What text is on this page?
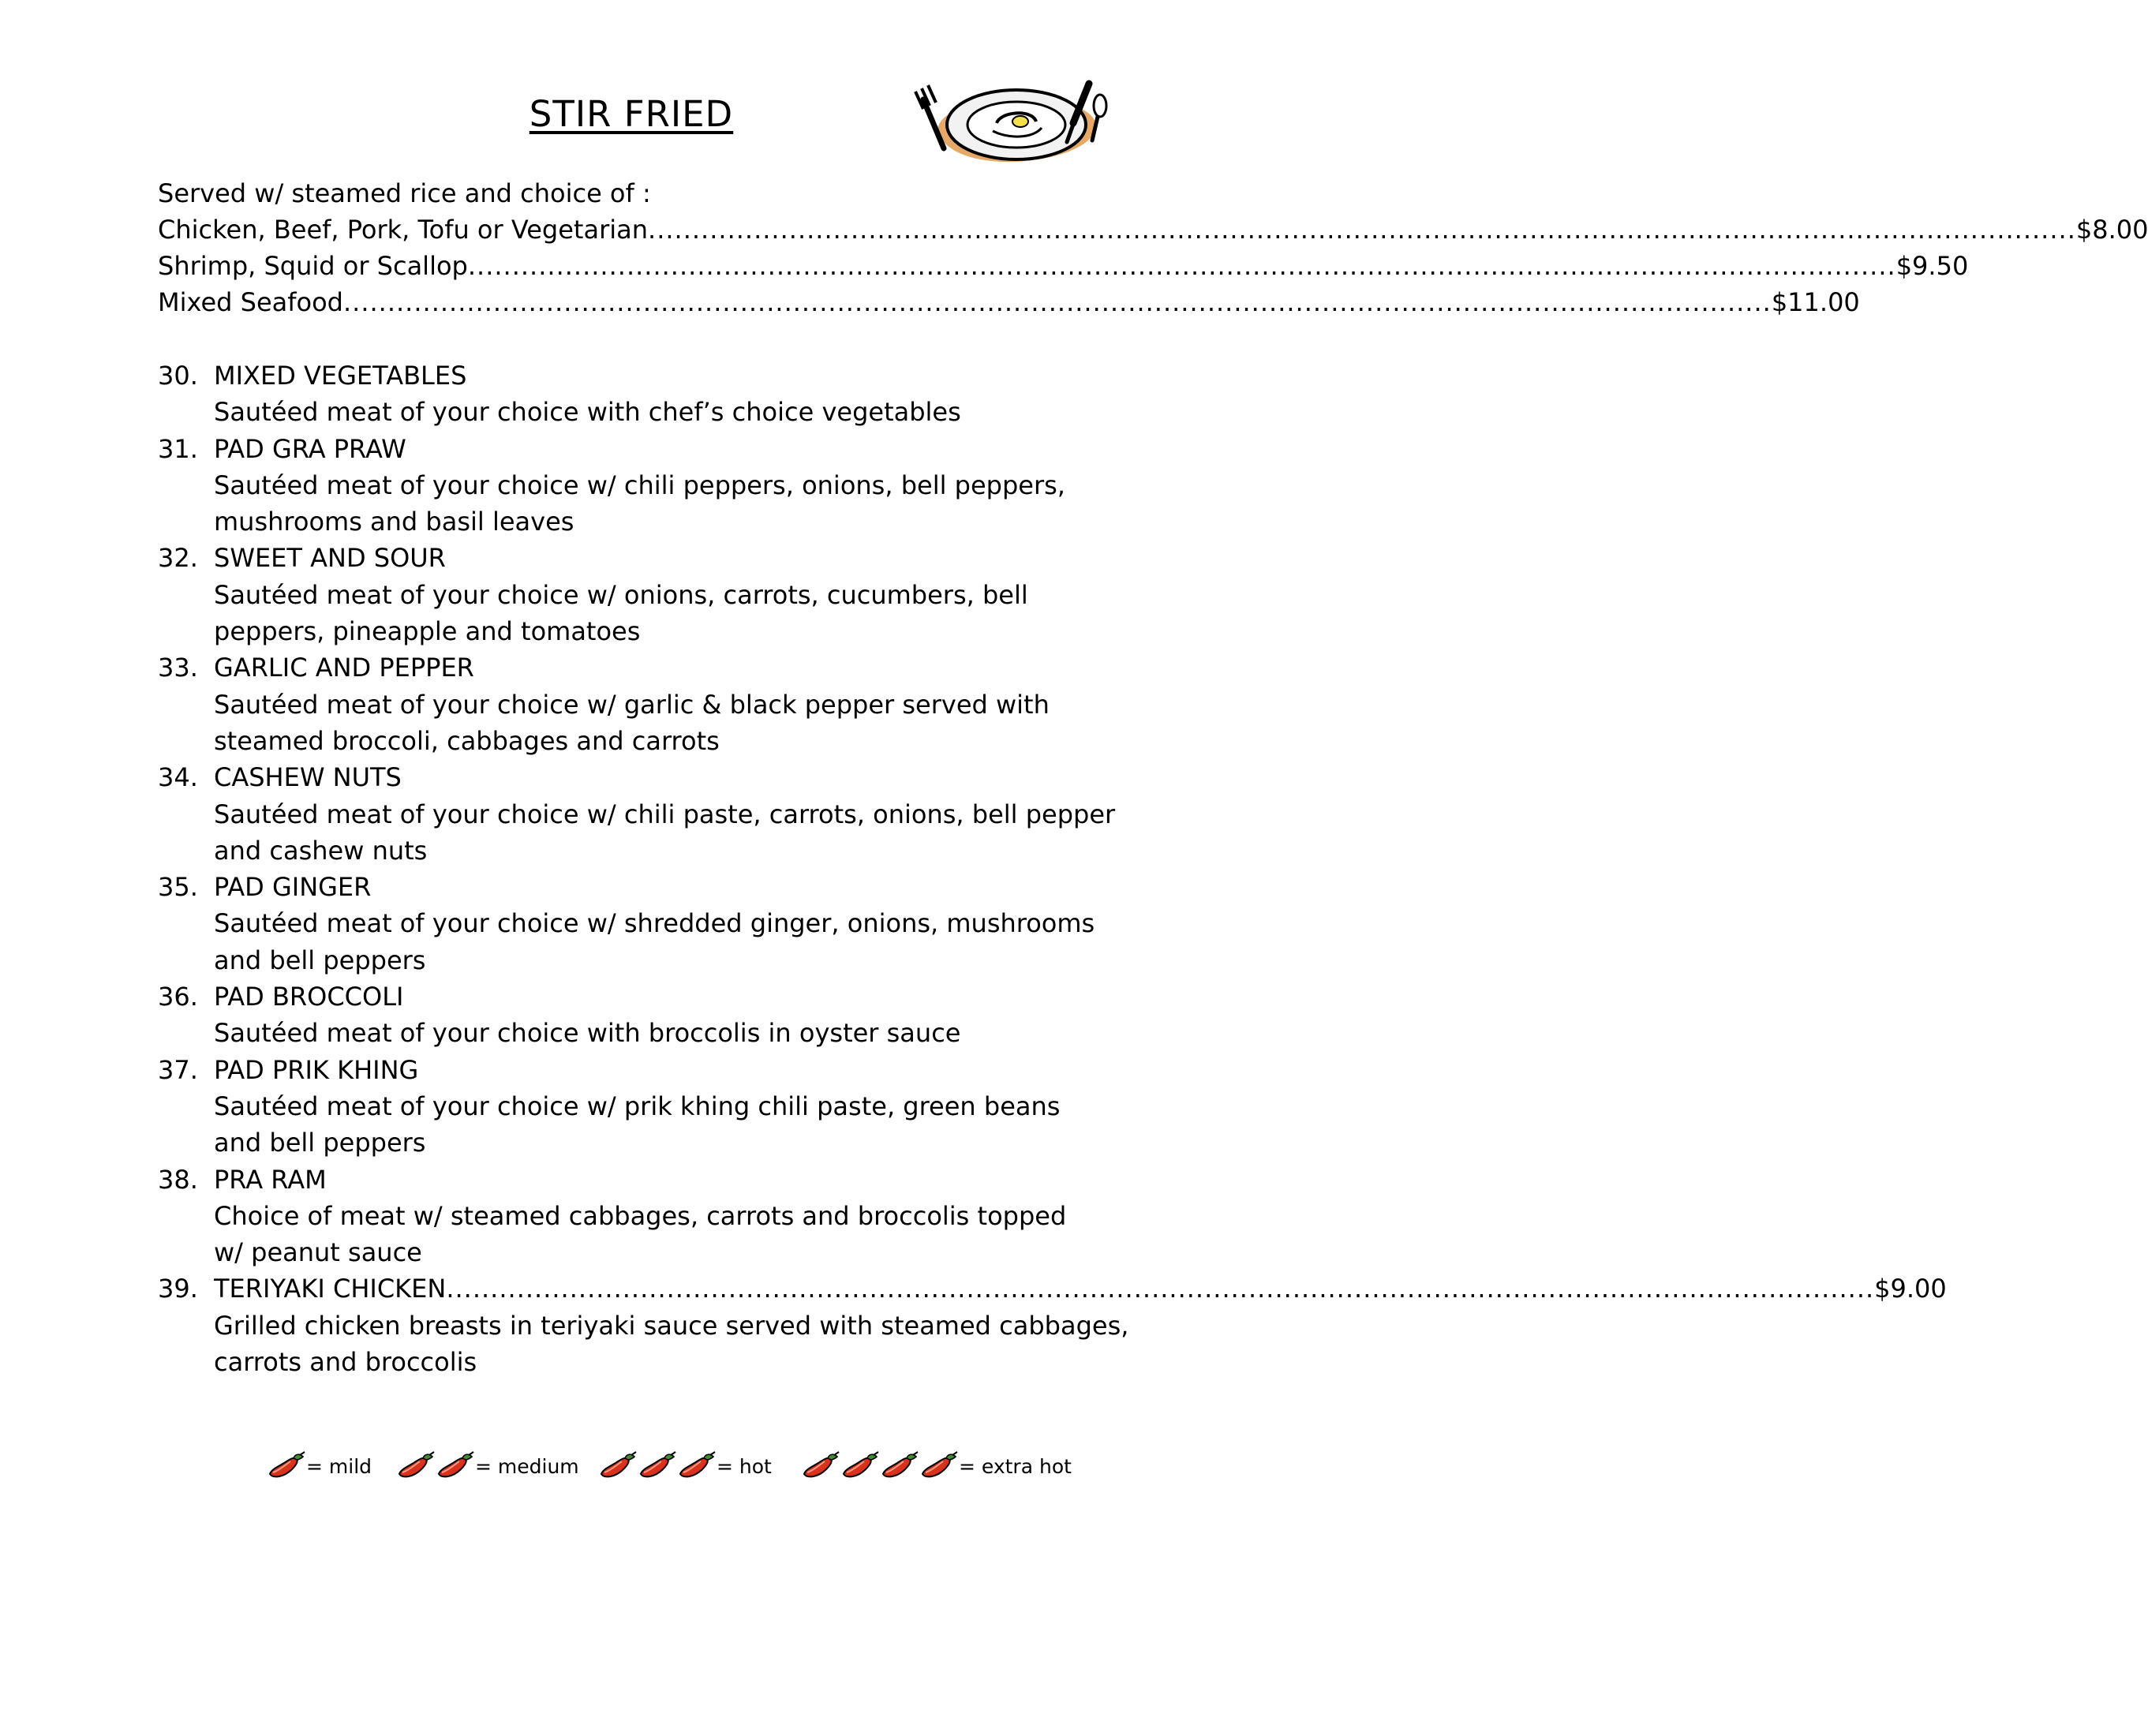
STIR FRIED
Served w/ steamed rice and choice of :
Chicken, Beef, Pork, Tofu or Vegetarian .....	$8.00
Shrimp, Squid or Scallop .....	$9.50
Mixed Seafood .....	$11.00
30. MIXED VEGETABLES
Sautéed meat of your choice with chef’s choice vegetables
31. PAD GRA PRAW
Sautéed meat of your choice w/ chili peppers, onions, bell peppers,
mushrooms and basil leaves
32. SWEET AND SOUR
Sautéed meat of your choice w/ onions, carrots, cucumbers, bell
peppers, pineapple and tomatoes
33. GARLIC AND PEPPER
Sautéed meat of your choice w/ garlic & black pepper served with
steamed broccoli, cabbages and carrots
34. CASHEW NUTS
Sautéed meat of your choice w/ chili paste, carrots, onions, bell pepper
and cashew nuts
35. PAD GINGER
Sautéed meat of your choice w/ shredded ginger, onions, mushrooms
and bell peppers
36. PAD BROCCOLI
Sautéed meat of your choice with broccolis in oyster sauce
37. PAD PRIK KHING
Sautéed meat of your choice w/ prik khing chili paste, green beans
and bell peppers
38. PRA RAM
Choice of meat w/ steamed cabbages, carrots and broccolis topped
w/ peanut sauce
39. TERIYAKI CHICKEN .....	$9.00
Grilled chicken breasts in teriyaki sauce served with steamed cabbages,
carrots and broccolis
= mild	= medium	= hot	= extra hot
